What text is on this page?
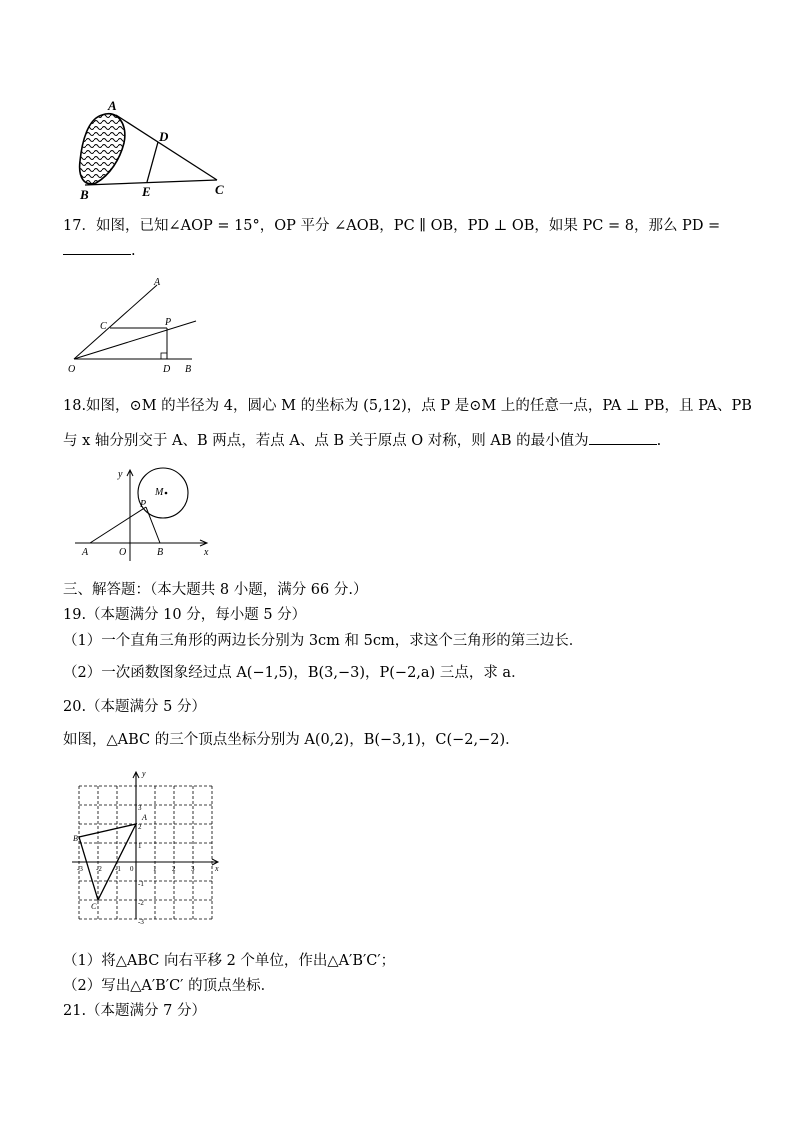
A
B	C
D
E
17．如图，已知∠AOP = 15°，OP 平分 ∠AOB，PC ∥ OB，PD ⊥ OB，如果 PC = 8，那么 PD =
.
A
C	P
O	D B
18.如图，⊙M 的半径为 4，圆心 M 的坐标为 (5,12)，点 P 是⊙M 上的任意一点，PA ⊥ PB，且 PA、PB
与 x 轴分别交于 A、B 两点，若点 A、点 B 关于原点 O 对称，则 AB 的最小值为	.
y
x
M
P
A	O	B
三、解答题：（本大题共 8 小题，满分 66 分.）
19.（本题满分 10 分，每小题 5 分）
（1）一个直角三角形的两边长分别为 3cm 和 5cm，求这个三角形的第三边长．
（2）一次函数图象经过点 A(−1,5)，B(3,−3)，P(−2,a) 三点，求 a．
20.（本题满分 5 分）
如图，△ABC 的三个顶点坐标分别为 A(0,2)，B(−3,1)，C(−2,−2)．
y
x
A
B
C
0
-3 -2 -1	1 2 3
3
2
1
-1
-2
-3
（1）将△ABC 向右平移 2 个单位，作出△A′B′C′；
（2）写出△A′B′C′ 的顶点坐标．
21.（本题满分 7 分）
